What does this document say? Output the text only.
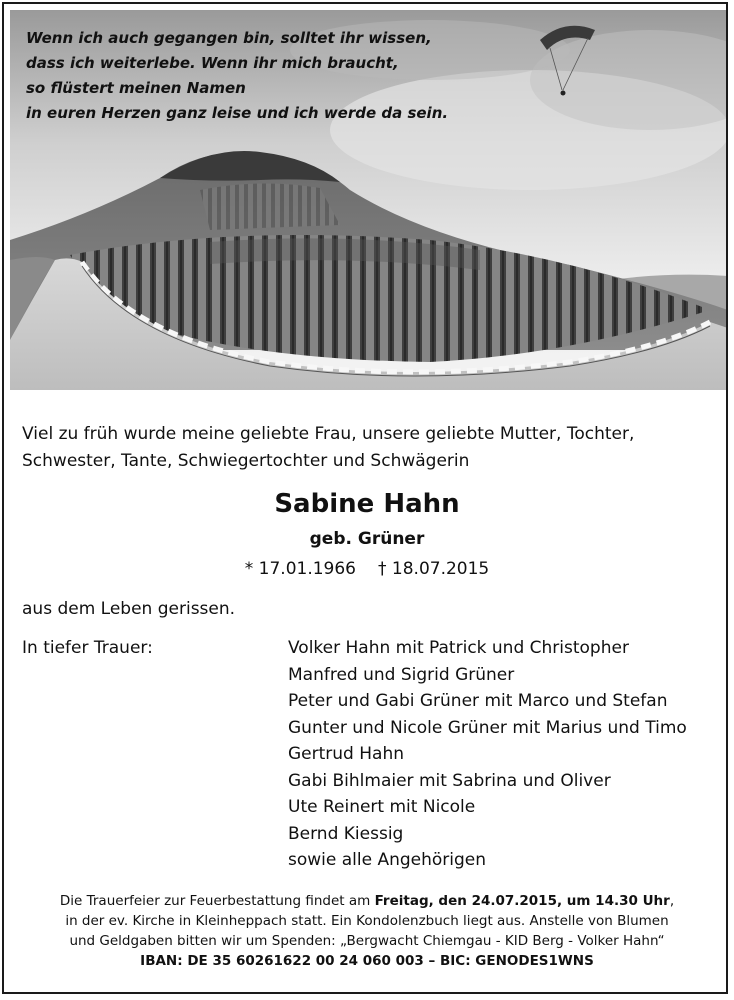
Wenn ich auch gegangen bin, solltet ihr wissen,
dass ich weiterlebe. Wenn ihr mich braucht,
so flüstert meinen Namen
in euren Herzen ganz leise und ich werde da sein.

Viel zu früh wurde meine geliebte Frau, unsere geliebte Mutter, Tochter,
Schwester, Tante, Schwiegertochter und Schwägerin
Sabine Hahn
geb. Grüner
* 17.01.1966 † 18.07.2015
aus dem Leben gerissen.
In tiefer Trauer:	Volker Hahn mit Patrick und Christopher
Manfred und Sigrid Grüner
Peter und Gabi Grüner mit Marco und Stefan
Gunter und Nicole Grüner mit Marius und Timo
Gertrud Hahn
Gabi Bihlmaier mit Sabrina und Oliver
Ute Reinert mit Nicole
Bernd Kiessig
sowie alle Angehörigen
Die Trauerfeier zur Feuerbestattung findet am Freitag, den 24.07.2015, um 14.30 Uhr,
in der ev. Kirche in Kleinheppach statt. Ein Kondolenzbuch liegt aus. Anstelle von Blumen
und Geldgaben bitten wir um Spenden: „Bergwacht Chiemgau - KID Berg - Volker Hahn“
IBAN: DE 35 60261622 00 24 060 003 – BIC: GENODES1WNS
